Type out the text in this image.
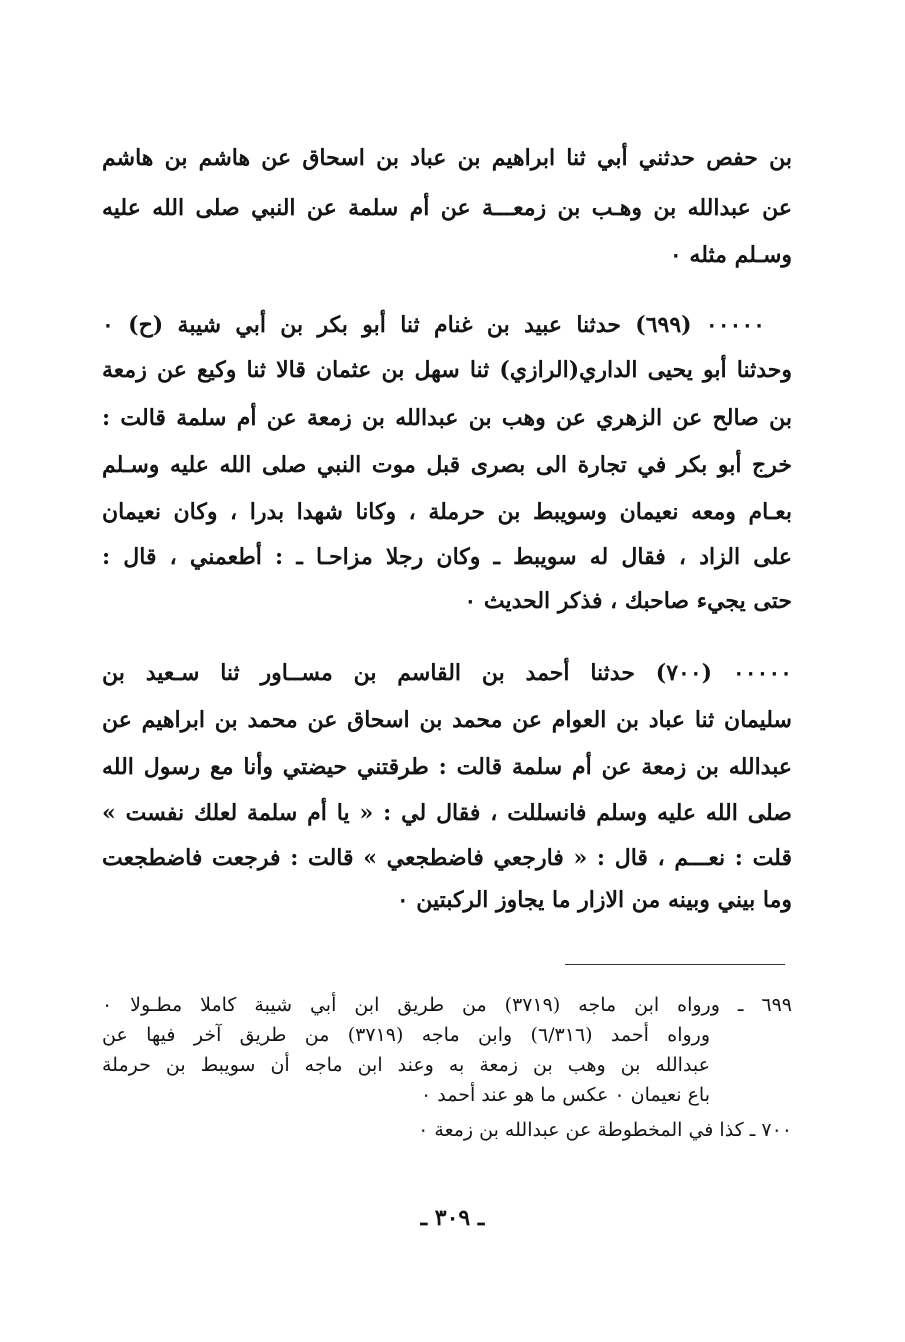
بن حفص حدثني أبي ثنا ابراهيم بن عباد بن اسحاق عن هاشم بن هاشم
عن عبدالله بن وهـب بن زمعـــة عن أم سلمة عن النبي صلى الله عليه
وسـلم مثله ٠
٠٠٠٠٠ (٦٩٩) حدثنا عبيد بن غنام ثنا أبو بكر بن أبي شيبة (ح) ٠
وحدثنا أبو يحيى الداري(الرازي) ثنا سهل بن عثمان قالا ثنا وكيع عن زمعة
بن صالح عن الزهري عن وهب بن عبدالله بن زمعة عن أم سلمة قالت :
خرج أبو بكر في تجارة الى بصرى قبل موت النبي صلى الله عليه وسـلم
بعـام ومعه نعيمان وسويبط بن حرملة ، وكانا شهدا بدرا ، وكان نعيمان
على الزاد ، فقال له سويبط ـ وكان رجلا مزاحـا ـ : أطعمني ، قال :
حتى يجيء صاحبك ، فذكر الحديث ٠
٠٠٠٠٠ (٧٠٠) حدثنا أحمد بن القاسم بن مســاور ثنا سـعيد بن
سليمان ثنا عباد بن العوام عن محمد بن اسحاق عن محمد بن ابراهيم عن
عبدالله بن زمعة عن أم سلمة قالت : طرقتني حيضتي وأنا مع رسول الله
صلى الله عليه وسلم فانسللت ، فقال لي : « يا أم سلمة لعلك نفست »
قلت : نعـــم ، قال : « فارجعي فاضطجعي » قالت : فرجعت فاضطجعت
وما بيني وبينه من الازار ما يجاوز الركبتين ٠
٦٩٩ ـ ورواه ابن ماجه (٣٧١٩) من طريق ابن أبي شيبة كاملا مطـولا ٠
ورواه أحمد (٦/٣١٦) وابن ماجه (٣٧١٩) من طريق آخر فيها عن
عبدالله بن وهب بن زمعة به وعند ابن ماجه أن سويبط بن حرملة
باع نعيمان ٠ عكس ما هو عند أحمد ٠
٧٠٠ ـ كذا في المخطوطة عن عبدالله بن زمعة ٠
ـ ٣٠٩ ـ
